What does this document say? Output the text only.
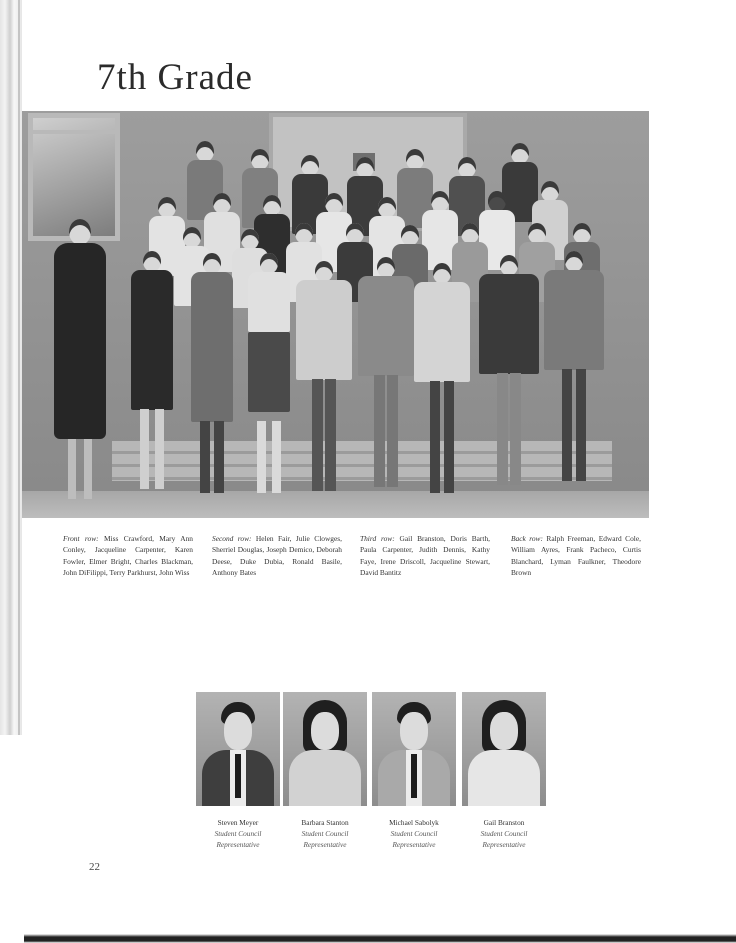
7th Grade

Front row: Miss Crawford, Mary Ann Conley, Jacqueline Carpenter, Karen Fowler, Elmer Bright, Charles Blackman, John DiFilippi, Terry Parkhurst, John Wiss

Second row: Helen Fair, Julie Clowges, Sherriel Douglas, Joseph Demico, Deborah Deese, Duke Dubia, Ronald Basile, Anthony Bates

Third row: Gail Branston, Doris Barth, Paula Carpenter, Judith Dennis, Kathy Faye, Irene Driscoll, Jacqueline Stewart, David Bantitz

Back row: Ralph Freeman, Edward Cole, William Ayres, Frank Pacheco, Curtis Blanchard, Lyman Faulkner, Theodore Brown

Steven Meyer
Student Council
Representative
Barbara Stanton
Student Council
Representative
Michael Sabolyk
Student Council
Representative
Gail Branston
Student Council
Representative
22
